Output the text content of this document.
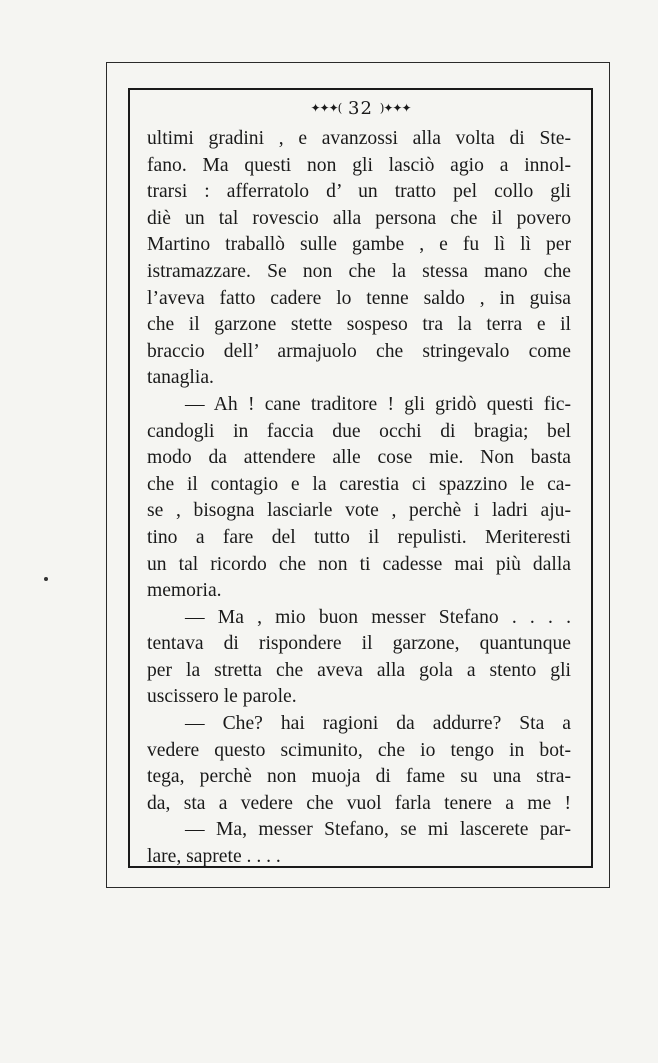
✦✦✦( 32 )✦✦✦
ultimi gradini , e avanzossi alla volta di Ste-
fano. Ma questi non gli lasciò agio a innol-
trarsi : afferratolo d’ un tratto pel collo gli
diè un tal rovescio alla persona che il povero
Martino traballò sulle gambe , e fu lì lì per
istramazzare. Se non che la stessa mano che
l’aveva fatto cadere lo tenne saldo , in guisa
che il garzone stette sospeso tra la terra e il
braccio dell’ armajuolo che stringevalo come
tanaglia.
— Ah ! cane traditore ! gli gridò questi fic-
candogli in faccia due occhi di bragia; bel
modo da attendere alle cose mie. Non basta
che il contagio e la carestia ci spazzino le ca-
se , bisogna lasciarle vote , perchè i ladri aju-
tino a fare del tutto il repulisti. Meriteresti
un tal ricordo che non ti cadesse mai più dalla
memoria.
— Ma , mio buon messer Stefano . . . .
tentava di rispondere il garzone, quantunque
per la stretta che aveva alla gola a stento gli
uscissero le parole.
— Che? hai ragioni da addurre? Sta a
vedere questo scimunito, che io tengo in bot-
tega, perchè non muoja di fame su una stra-
da, sta a vedere che vuol farla tenere a me !
— Ma, messer Stefano, se mi lascerete par-
lare, saprete . . . .
